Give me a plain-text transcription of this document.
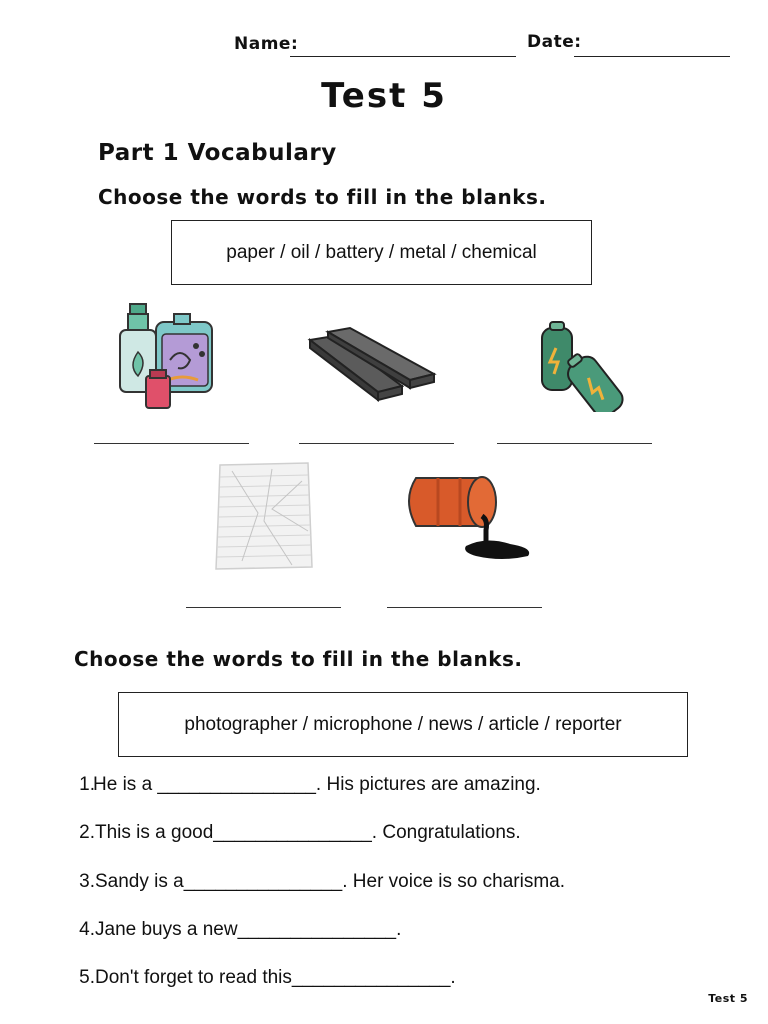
Name:	Date:
Test 5
Part 1 Vocabulary
Choose the words to fill in the blanks.
paper / oil / battery / metal / chemical
Choose the words to fill in the blanks.
photographer / microphone / news / article / reporter
1.
He is a _______________. His pictures are amazing.
2. This is a good_______________. Congratulations.
3. Sandy is a_______________. Her voice is so charisma.
4. Jane buys a new_______________.
5. Don't forget to read this_______________.
Test 5
